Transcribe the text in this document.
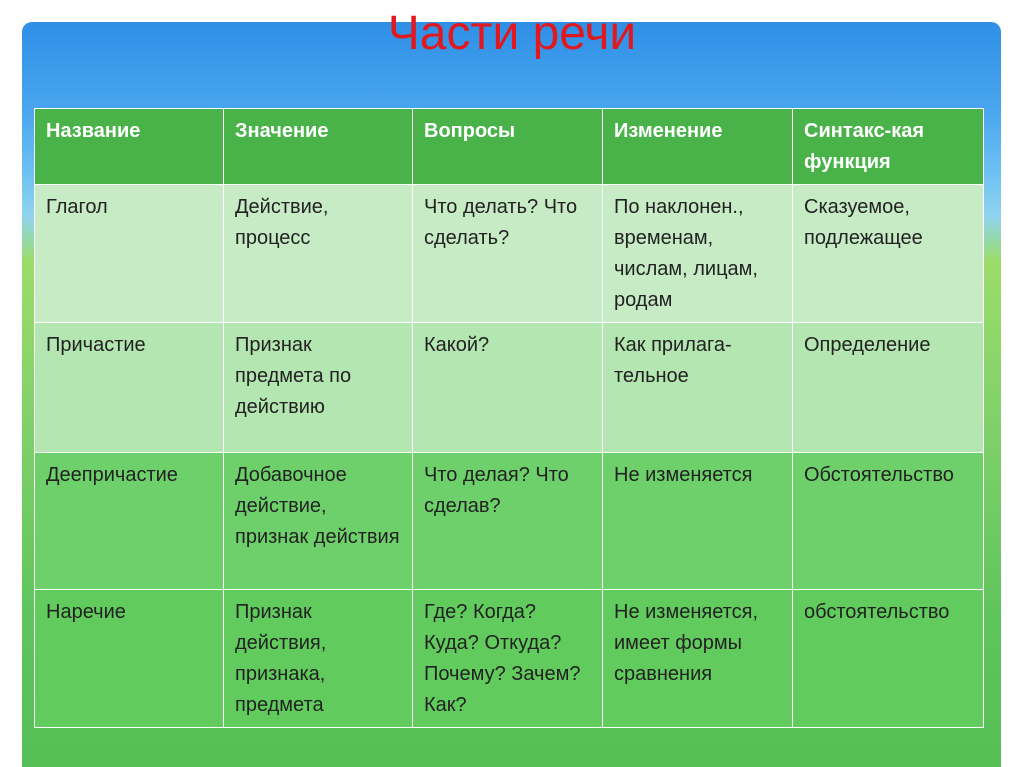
Части речи
Название	Значение	Вопросы	Изменение	Синтакс-кая функция
Глагол	Действие, процесс	Что делать? Что сделать?	По наклонен., временам, числам, лицам, родам	Сказуемое, подлежащее
Причастие	Признак предмета по действию	Какой?	Как прилага-тельное	Определение
Деепричастие	Добавочное действие, признак действия	Что делая? Что сделав?	Не изменяется	Обстоятельство
Наречие	Признак действия, признака, предмета	Где? Когда? Куда? Откуда? Почему? Зачем? Как?	Не изменяется, имеет формы сравнения	обстоятельство
